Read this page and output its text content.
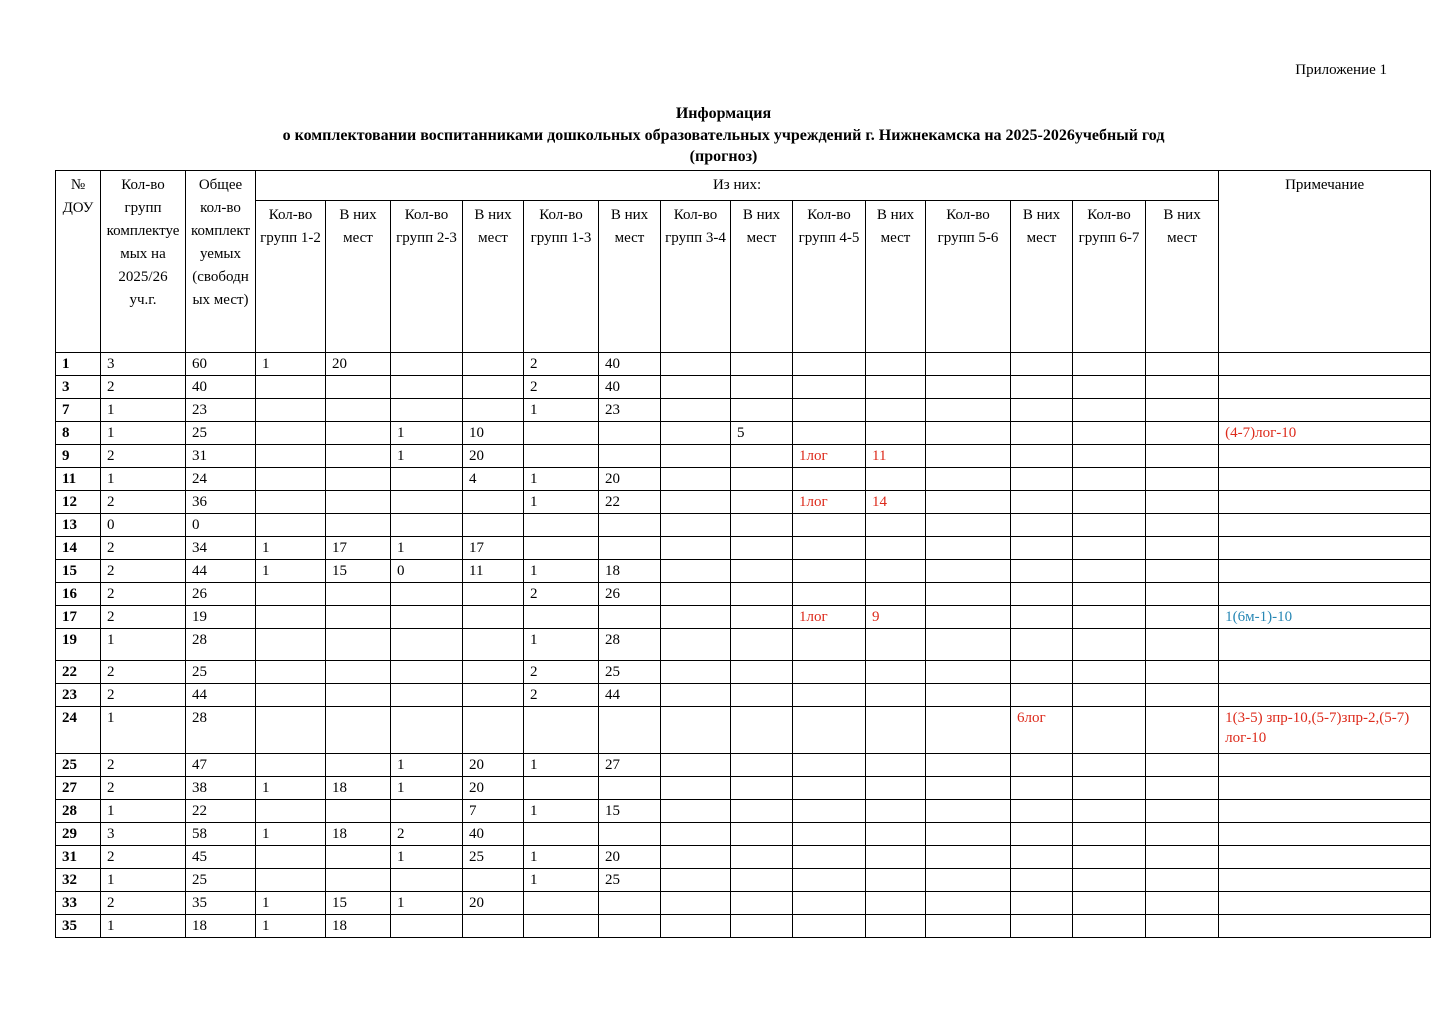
Приложение 1
Информация
о комплектовании воспитанниками дошкольных образовательных учреждений г. Нижнекамска на 2025-2026учебный год
(прогноз)
№ ДОУ	Кол-во групп комплектуемых на 2025/26 уч.г.	Общее кол-во комплектуемых (свободных мест)	Из них:														Примечание
			Кол-во групп 1-2	В них мест	Кол-во групп 2-3	В них мест	Кол-во групп 1-3	В них мест	Кол-во групп 3-4	В них мест	Кол-во групп 4-5	В них мест	Кол-во групп 5-6	В них мест	Кол-во групп 6-7	В них мест	
1	3	60	1	20			2	40									
3	2	40					2	40									
7	1	23					1	23									
8	1	25			1	10				5							(4-7)лог-10
9	2	31			1	20					1лог	11					
11	1	24				4	1	20									
12	2	36					1	22			1лог	14					
13	0	0															
14	2	34	1	17	1	17											
15	2	44	1	15	0	11	1	18									
16	2	26					2	26									
17	2	19									1лог	9					1(6м-1)-10
19	1	28					1	28									
22	2	25					2	25									
23	2	44					2	44									
24	1	28												6лог			1(3-5) зпр-10,(5-7)зпр-2,(5-7) лог-10
25	2	47			1	20	1	27									
27	2	38	1	18	1	20											
28	1	22				7	1	15									
29	3	58	1	18	2	40											
31	2	45			1	25	1	20									
32	1	25					1	25									
33	2	35	1	15	1	20											
35	1	18	1	18													
